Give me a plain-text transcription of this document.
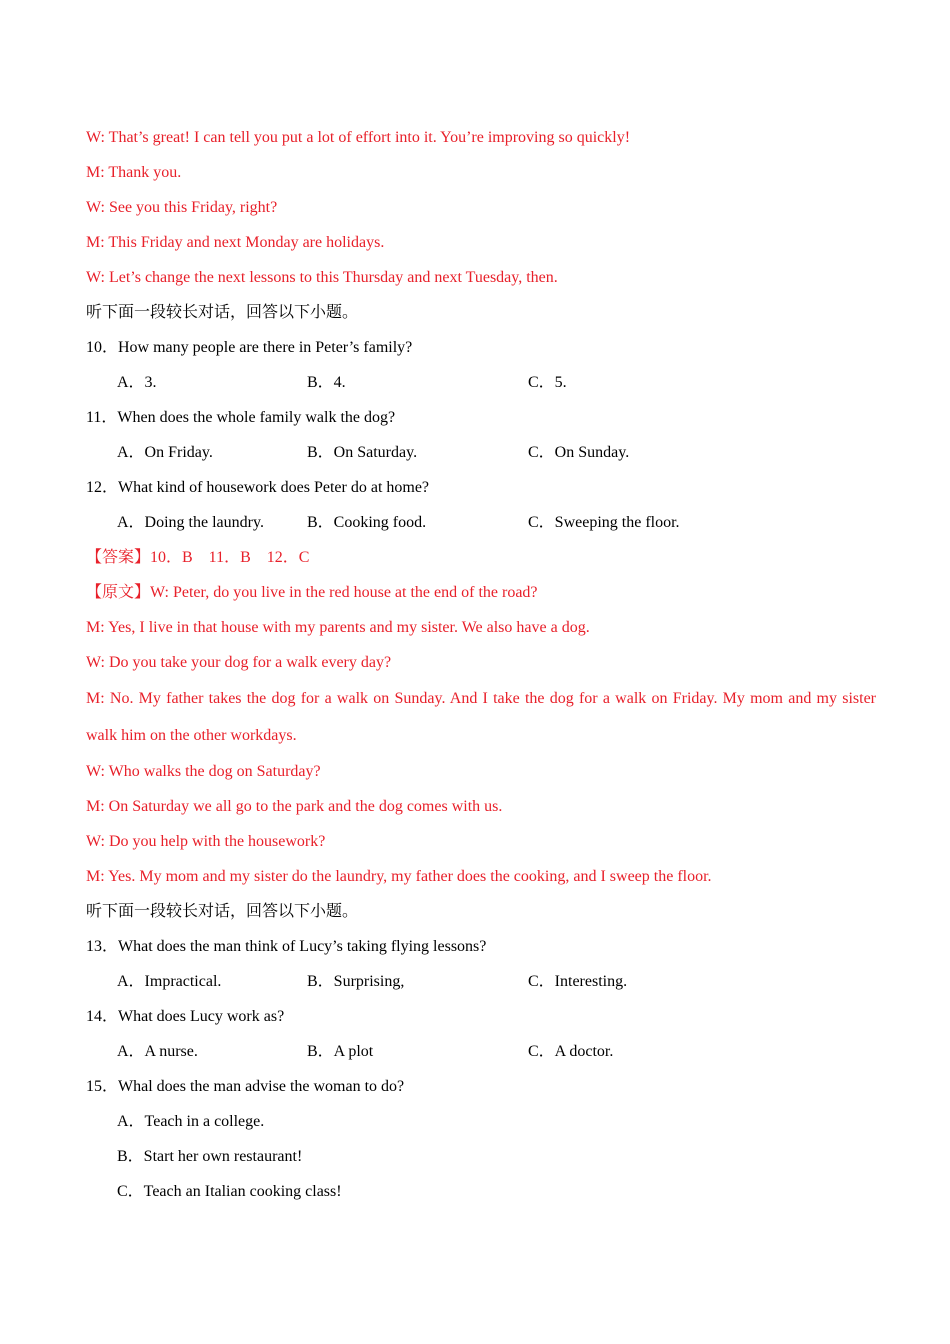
W: That’s great! I can tell you put a lot of effort into it. You’re improving so quickly!
M: Thank you.
W: See you this Friday, right?
M: This Friday and next Monday are holidays.
W: Let’s change the next lessons to this Thursday and next Tuesday, then.
听下面一段较长对话，回答以下小题。
10．How many people are there in Peter’s family?
A．3.	B．4.	C．5.
11．When does the whole family walk the dog?
A．On Friday.	B．On Saturday.	C．On Sunday.
12．What kind of housework does Peter do at home?
A．Doing the laundry.	B．Cooking food.	C．Sweeping the floor.
【答案】10．B　11．B　12．C
【原文】W: Peter, do you live in the red house at the end of the road?
M: Yes, I live in that house with my parents and my sister. We also have a dog.
W: Do you take your dog for a walk every day?
M: No. My father takes the dog for a walk on Sunday. And I take the dog for a walk on Friday. My mom and my sister walk him on the other workdays.
W: Who walks the dog on Saturday?
M: On Saturday we all go to the park and the dog comes with us.
W: Do you help with the housework?
M: Yes. My mom and my sister do the laundry, my father does the cooking, and I sweep the floor.
听下面一段较长对话，回答以下小题。
13．What does the man think of Lucy’s taking flying lessons?
A．Impractical.	B．Surprising,	C．Interesting.
14．What does Lucy work as?
A．A nurse.	B．A plot	C．A doctor.
15．Whal does the man advise the woman to do?
A．Teach in a college.
B．Start her own restaurant!
C．Teach an Italian cooking class!
